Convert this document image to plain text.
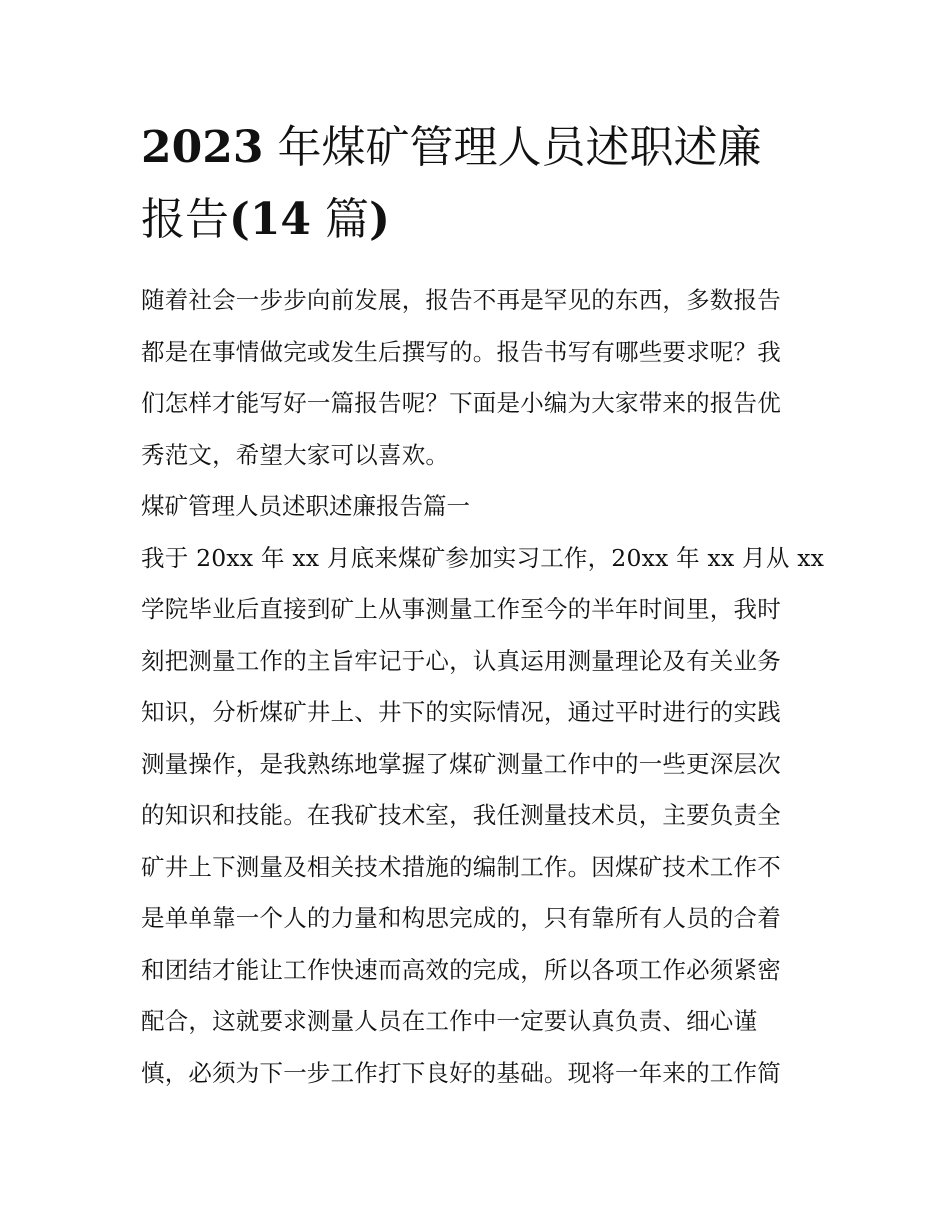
2023 年煤矿管理人员述职述廉
报告(14 篇)
随着社会一步步向前发展，报告不再是罕见的东西，多数报告
都是在事情做完或发生后撰写的。报告书写有哪些要求呢？我
们怎样才能写好一篇报告呢？下面是小编为大家带来的报告优
秀范文，希望大家可以喜欢。
煤矿管理人员述职述廉报告篇一
我于 20xx 年 xx 月底来煤矿参加实习工作，20xx 年 xx 月从 xx
学院毕业后直接到矿上从事测量工作至今的半年时间里，我时
刻把测量工作的主旨牢记于心，认真运用测量理论及有关业务
知识，分析煤矿井上、井下的实际情况，通过平时进行的实践
测量操作，是我熟练地掌握了煤矿测量工作中的一些更深层次
的知识和技能。在我矿技术室，我任测量技术员，主要负责全
矿井上下测量及相关技术措施的编制工作。因煤矿技术工作不
是单单靠一个人的力量和构思完成的，只有靠所有人员的合着
和团结才能让工作快速而高效的完成，所以各项工作必须紧密
配合，这就要求测量人员在工作中一定要认真负责、细心谨
慎，必须为下一步工作打下良好的基础。现将一年来的工作简
